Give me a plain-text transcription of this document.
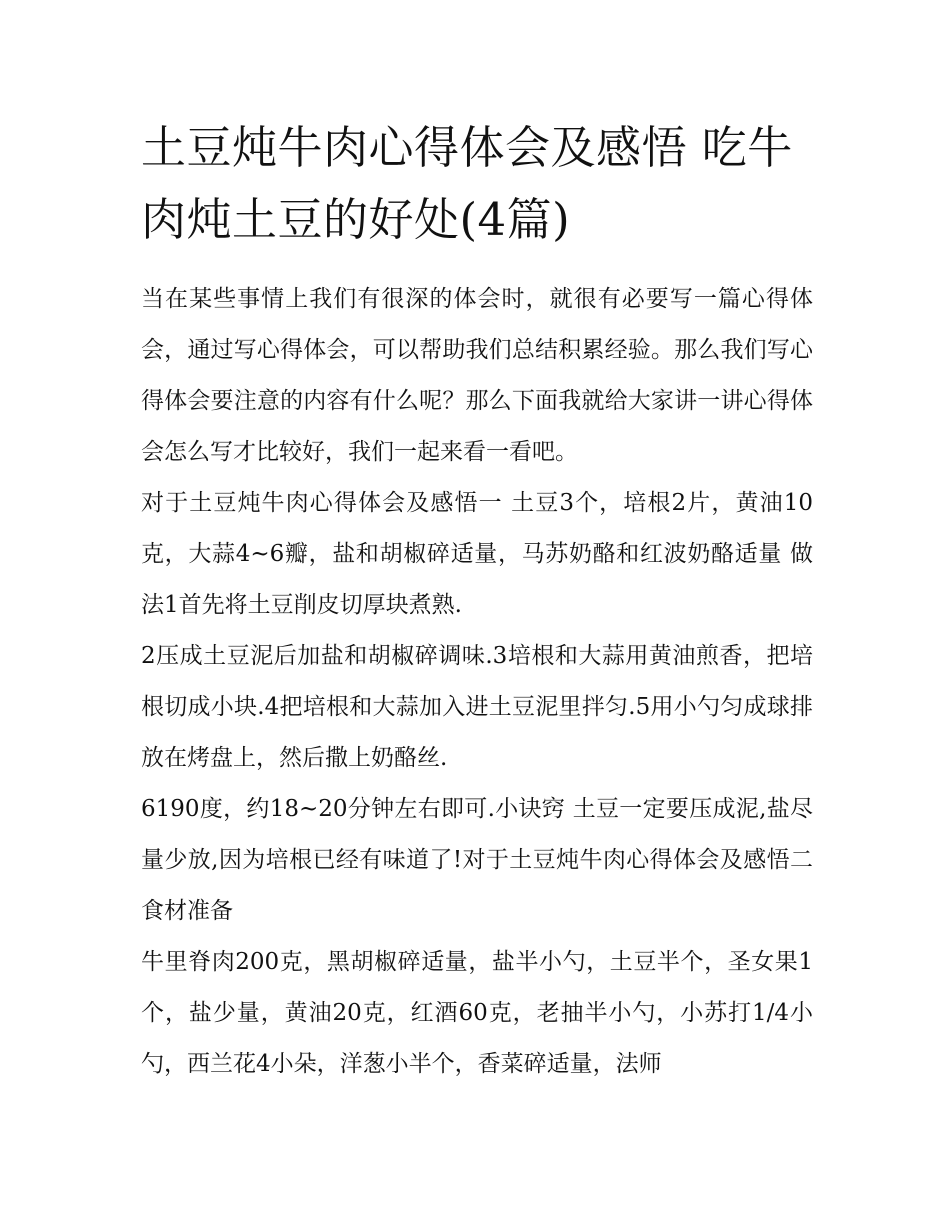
土豆炖牛肉心得体会及感悟 吃牛肉炖土豆的好处(4篇)

当在某些事情上我们有很深的体会时，就很有必要写一篇心得体会，通过写心得体会，可以帮助我们总结积累经验。那么我们写心得体会要注意的内容有什么呢？那么下面我就给大家讲一讲心得体会怎么写才比较好，我们一起来看一看吧。

对于土豆炖牛肉心得体会及感悟一 土豆3个，培根2片，黄油10克，大蒜4~6瓣，盐和胡椒碎适量，马苏奶酪和红波奶酪适量 做法1首先将土豆削皮切厚块煮熟.

2压成土豆泥后加盐和胡椒碎调味.3培根和大蒜用黄油煎香，把培根切成小块.4把培根和大蒜加入进土豆泥里拌匀.5用小勺匀成球排放在烤盘上，然后撒上奶酪丝.

6190度，约18~20分钟左右即可.小诀窍 土豆一定要压成泥,盐尽量少放,因为培根已经有味道了!对于土豆炖牛肉心得体会及感悟二 食材准备

牛里脊肉200克，黑胡椒碎适量，盐半小勺，土豆半个，圣女果1个，盐少量，黄油20克，红酒60克，老抽半小勺，小苏打1/4小勺，西兰花4小朵，洋葱小半个，香菜碎适量，法师
